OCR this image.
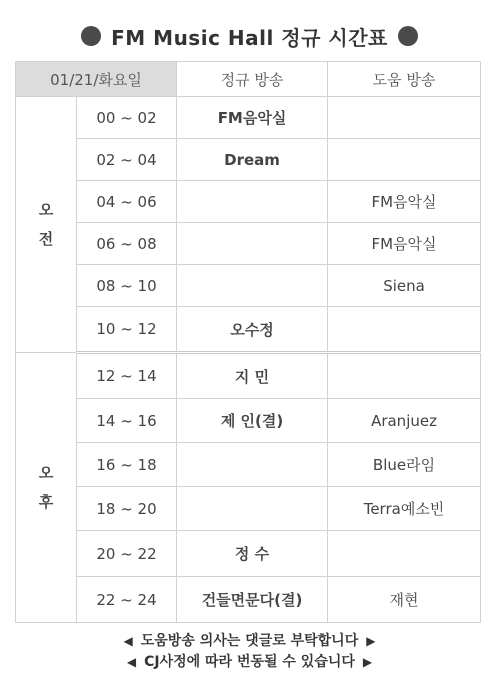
FM Music Hall 정규 시간표
01/21/화요일		정규 방송	도움 방송
오
전	00 ~ 02	FM음악실	
	02 ~ 04	Dream	
	04 ~ 06		FM음악실
	06 ~ 08		FM음악실
	08 ~ 10		Siena
	10 ~ 12	오수정	
오
후	12 ~ 14	지 민	
	14 ~ 16	제 인(결)	Aranjuez
	16 ~ 18		Blue라임
	18 ~ 20		Terra예소빈
	20 ~ 22	정 수	
	22 ~ 24	건들면문다(결)	재현
◀ 도움방송 의사는 댓글로 부탁합니다 ▶
◀ CJ사정에 따라 번동될 수 있습니다 ▶
